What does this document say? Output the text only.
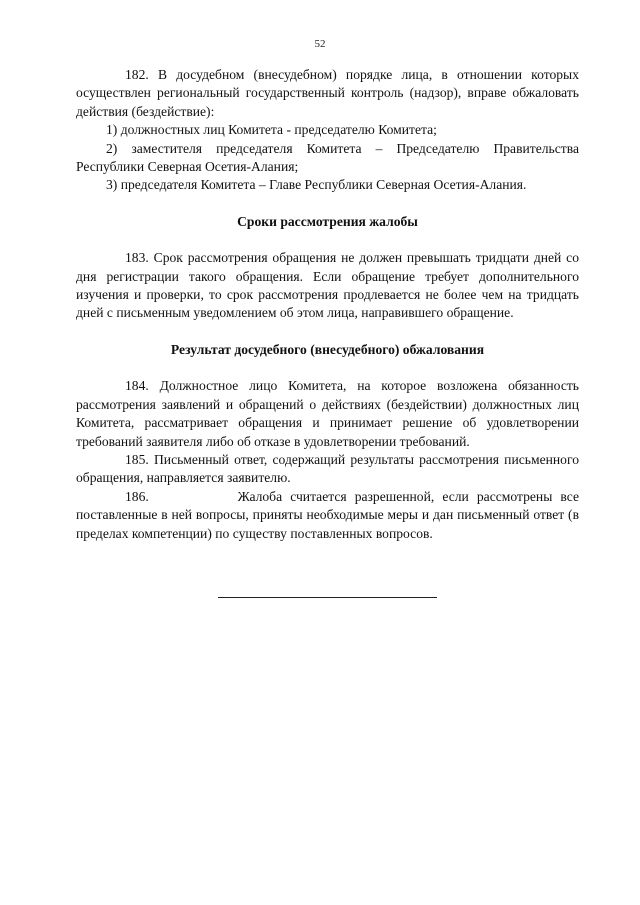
52

182. В досудебном (внесудебном) порядке лица, в отношении которых осуществлен региональный государственный контроль (надзор), вправе обжаловать действия (бездействие):

1) должностных лиц Комитета - председателю Комитета;

2) заместителя председателя Комитета – Председателю Правительства Республики Северная Осетия-Алания;

3) председателя Комитета – Главе Республики Северная Осетия-Алания.

Сроки рассмотрения жалобы

183. Срок рассмотрения обращения не должен превышать тридцати дней со дня регистрации такого обращения. Если обращение требует дополнительного изучения и проверки, то срок рассмотрения продлевается не более чем на тридцать дней с письменным уведомлением об этом лица, направившего обращение.

Результат досудебного (внесудебного) обжалования

184. Должностное лицо Комитета, на которое возложена обязанность рассмотрения заявлений и обращений о действиях (бездействии) должностных лиц Комитета, рассматривает обращения и принимает решение об удовлетворении требований заявителя либо об отказе в удовлетворении требований.

185. Письменный ответ, содержащий результаты рассмотрения письменного обращения, направляется заявителю.

186.           Жалоба считается разрешенной, если рассмотрены все поставленные в ней вопросы, приняты необходимые меры и дан письменный ответ (в пределах компетенции) по существу поставленных вопросов.
